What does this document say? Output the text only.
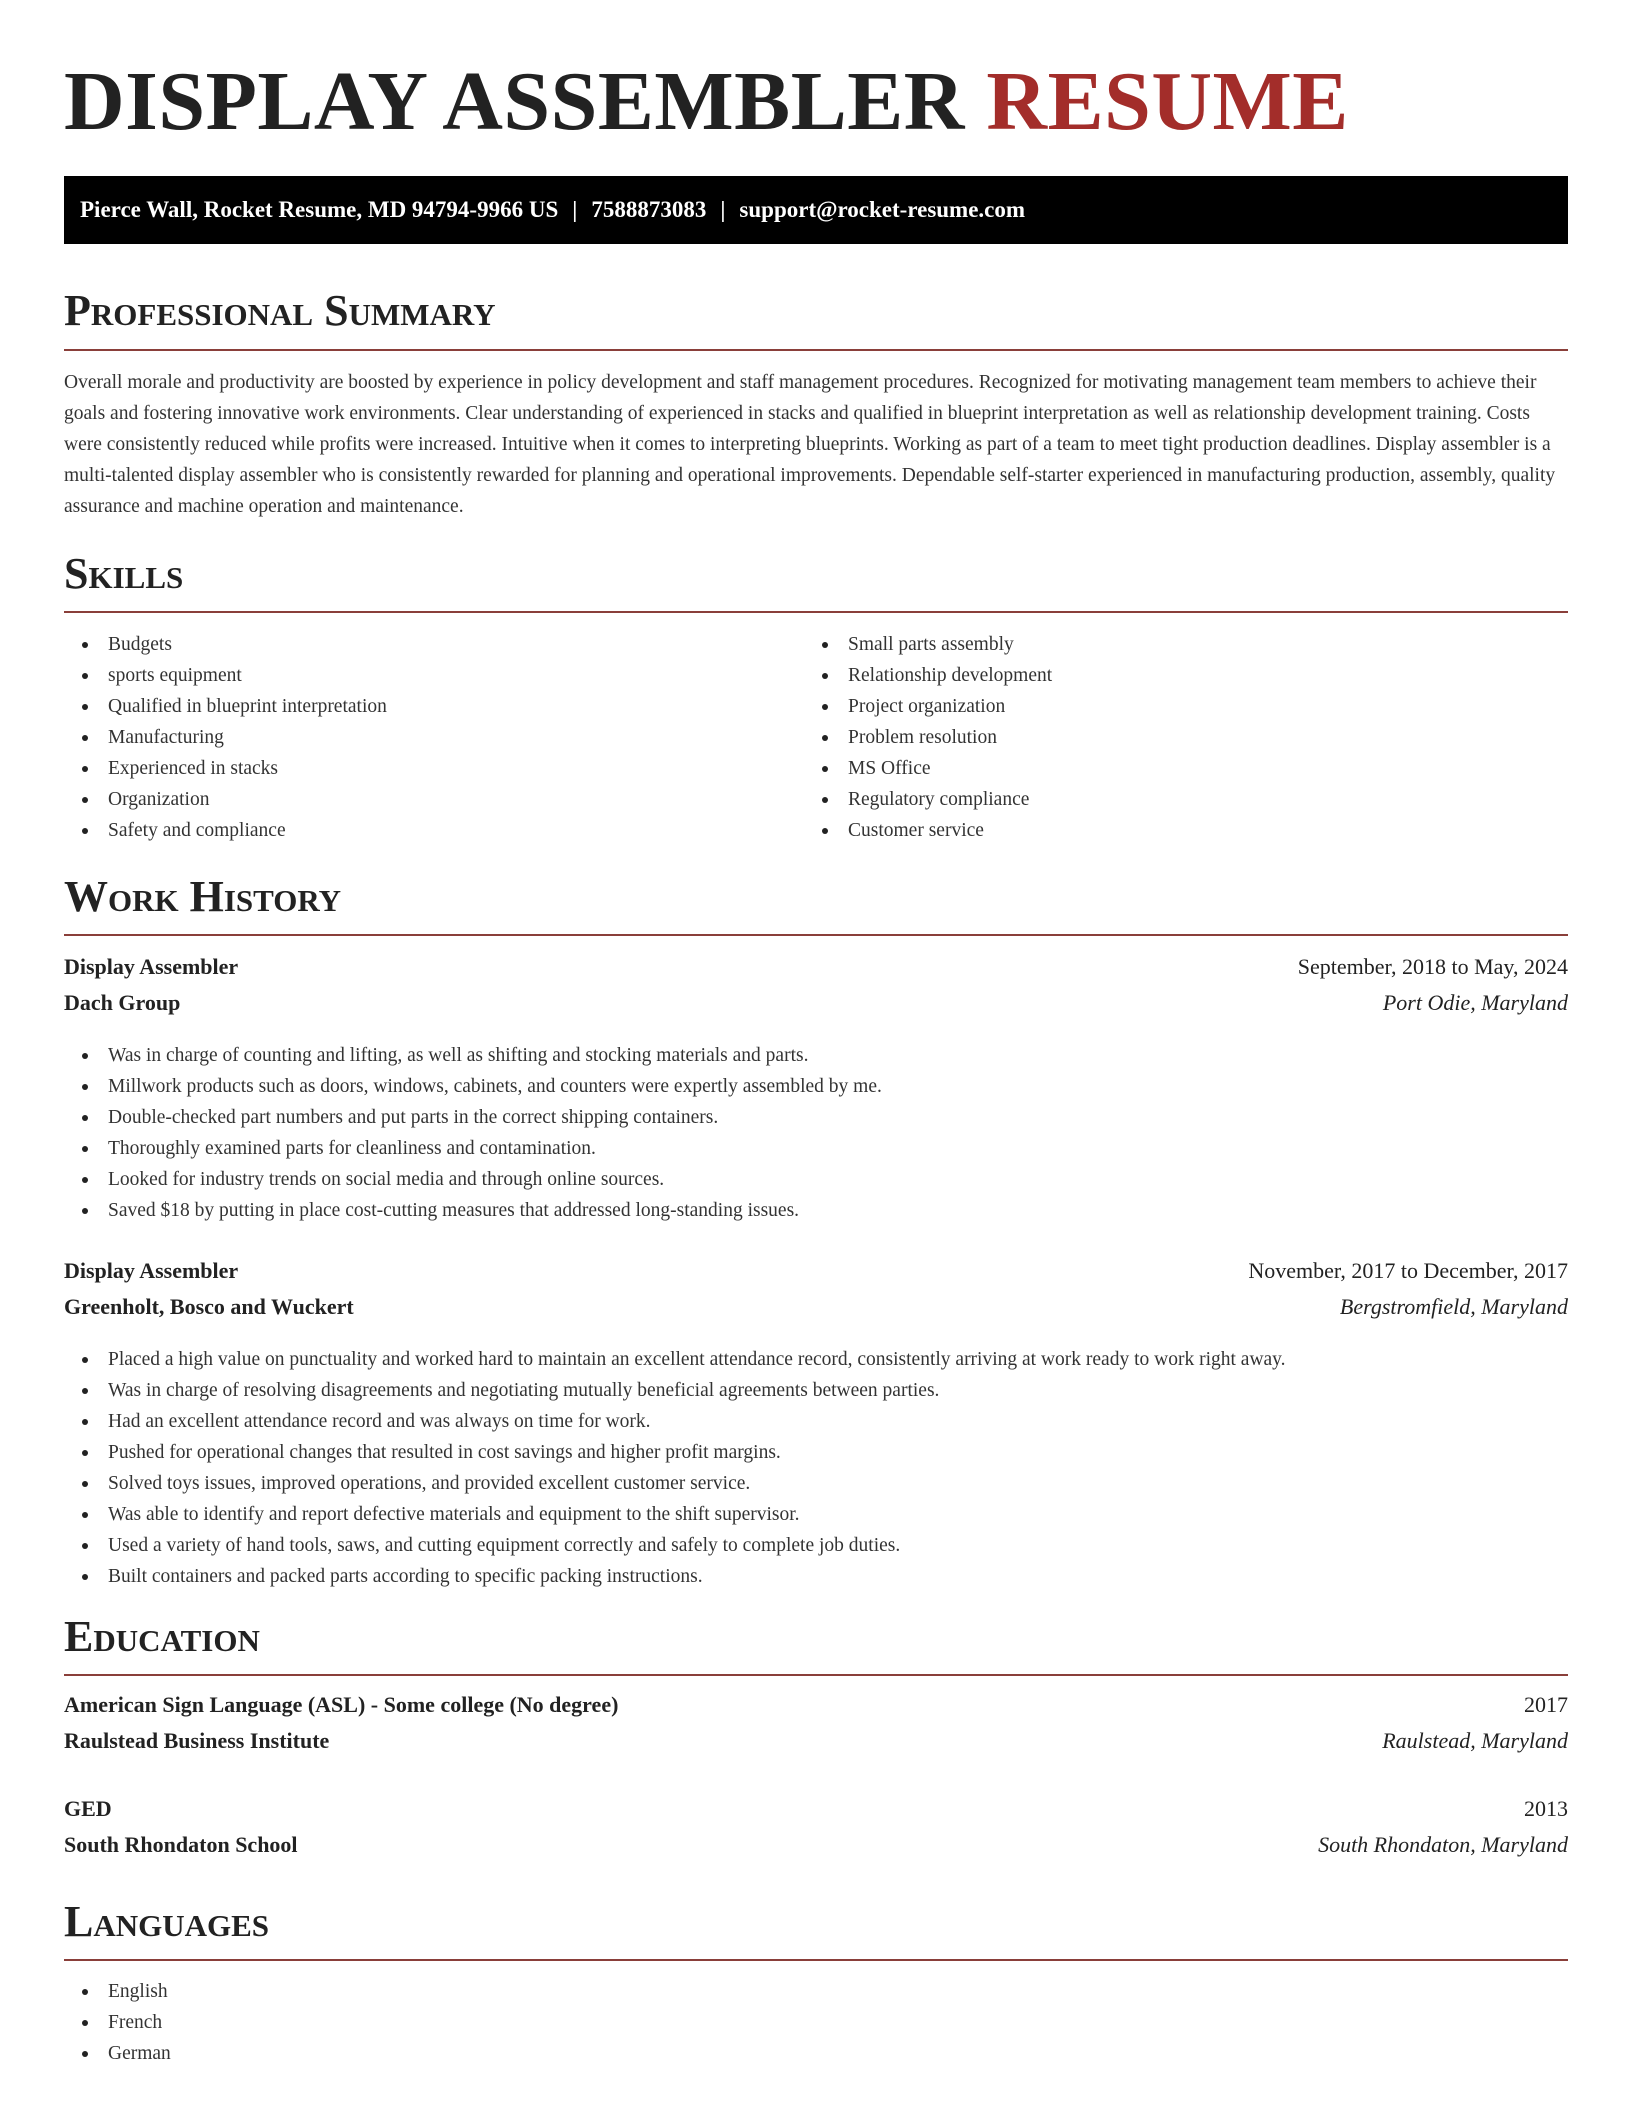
DISPLAY ASSEMBLER RESUME
Pierce Wall, Rocket Resume, MD 94794-9966 US | 7588873083 | support@rocket-resume.com
Professional Summary

Overall morale and productivity are boosted by experience in policy development and staff management procedures. Recognized for motivating management team members to achieve their goals and fostering innovative work environments. Clear understanding of experienced in stacks and qualified in blueprint interpretation as well as relationship development training. Costs were consistently reduced while profits were increased. Intuitive when it comes to interpreting blueprints. Working as part of a team to meet tight production deadlines. Display assembler is a multi-talented display assembler who is consistently rewarded for planning and operational improvements. Dependable self-starter experienced in manufacturing production, assembly, quality assurance and machine operation and maintenance.

Skills
Budgets
sports equipment
Qualified in blueprint interpretation
Manufacturing
Experienced in stacks
Organization
Safety and compliance
Small parts assembly
Relationship development
Project organization
Problem resolution
MS Office
Regulatory compliance
Customer service
Work History
Display Assembler	September, 2018 to May, 2024
Dach Group	Port Odie, Maryland
Was in charge of counting and lifting, as well as shifting and stocking materials and parts.
Millwork products such as doors, windows, cabinets, and counters were expertly assembled by me.
Double-checked part numbers and put parts in the correct shipping containers.
Thoroughly examined parts for cleanliness and contamination.
Looked for industry trends on social media and through online sources.
Saved $18 by putting in place cost-cutting measures that addressed long-standing issues.
Display Assembler	November, 2017 to December, 2017
Greenholt, Bosco and Wuckert	Bergstromfield, Maryland
Placed a high value on punctuality and worked hard to maintain an excellent attendance record, consistently arriving at work ready to work right away.
Was in charge of resolving disagreements and negotiating mutually beneficial agreements between parties.
Had an excellent attendance record and was always on time for work.
Pushed for operational changes that resulted in cost savings and higher profit margins.
Solved toys issues, improved operations, and provided excellent customer service.
Was able to identify and report defective materials and equipment to the shift supervisor.
Used a variety of hand tools, saws, and cutting equipment correctly and safely to complete job duties.
Built containers and packed parts according to specific packing instructions.
Education
American Sign Language (ASL) - Some college (No degree)	2017
Raulstead Business Institute	Raulstead, Maryland
GED	2013
South Rhondaton School	South Rhondaton, Maryland
Languages
English
French
German
